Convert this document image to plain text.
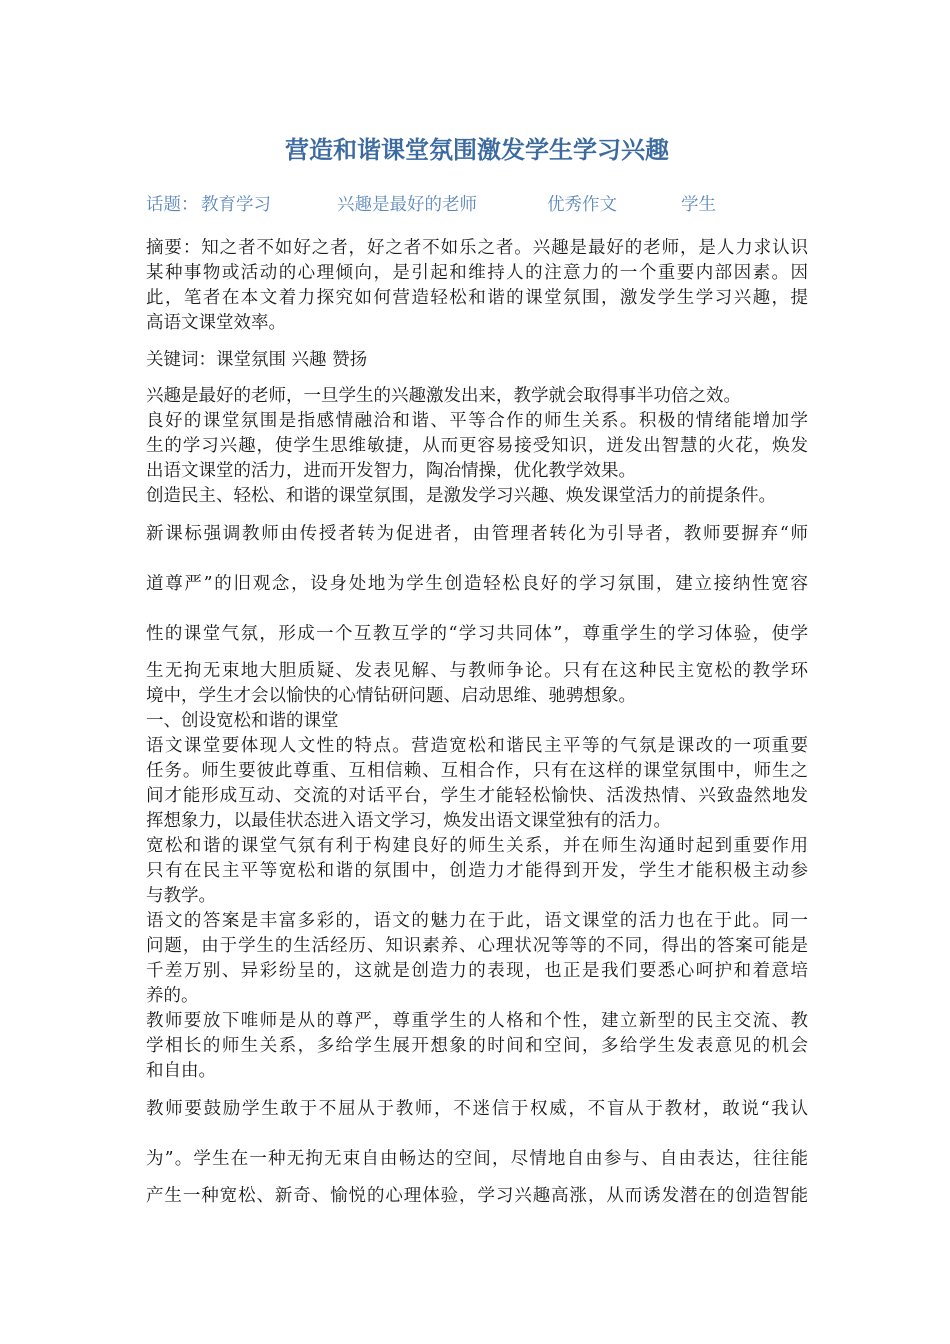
营造和谐课堂氛围激发学生学习兴趣
话题： 教育学习	兴趣是最好的老师	优秀作文	学生
摘要：知之者不如好之者，好之者不如乐之者。兴趣是最好的老师，是人力求认识
某种事物或活动的心理倾向，是引起和维持人的注意力的一个重要内部因素。因
此，笔者在本文着力探究如何营造轻松和谐的课堂氛围，激发学生学习兴趣，提
高语文课堂效率。

关键词：课堂氛围 兴趣 赞扬

兴趣是最好的老师，一旦学生的兴趣激发出来，教学就会取得事半功倍之效。
良好的课堂氛围是指感情融洽和谐、平等合作的师生关系。积极的情绪能增加学
生的学习兴趣，使学生思维敏捷，从而更容易接受知识，迸发出智慧的火花，焕发
出语文课堂的活力，进而开发智力，陶冶情操，优化教学效果。
创造民主、轻松、和谐的课堂氛围，是激发学习兴趣、焕发课堂活力的前提条件。
新课标强调教师由传授者转为促进者，由管理者转化为引导者，教师要摒弃“师
道尊严”的旧观念，设身处地为学生创造轻松良好的学习氛围，建立接纳性宽容
性的课堂气氛，形成一个互教互学的“学习共同体”，尊重学生的学习体验，使学
生无拘无束地大胆质疑、发表见解、与教师争论。只有在这种民主宽松的教学环
境中，学生才会以愉快的心情钻研问题、启动思维、驰骋想象。
一、创设宽松和谐的课堂
语文课堂要体现人文性的特点。营造宽松和谐民主平等的气氛是课改的一项重要
任务。师生要彼此尊重、互相信赖、互相合作，只有在这样的课堂氛围中，师生之
间才能形成互动、交流的对话平台，学生才能轻松愉快、活泼热情、兴致盎然地发
挥想象力，以最佳状态进入语文学习，焕发出语文课堂独有的活力。
宽松和谐的课堂气氛有利于构建良好的师生关系，并在师生沟通时起到重要作用
只有在民主平等宽松和谐的氛围中，创造力才能得到开发，学生才能积极主动参
与教学。
语文的答案是丰富多彩的，语文的魅力在于此，语文课堂的活力也在于此。同一
问题，由于学生的生活经历、知识素养、心理状况等等的不同，得出的答案可能是
千差万别、异彩纷呈的，这就是创造力的表现，也正是我们要悉心呵护和着意培
养的。
教师要放下唯师是从的尊严，尊重学生的人格和个性，建立新型的民主交流、教
学相长的师生关系，多给学生展开想象的时间和空间，多给学生发表意见的机会
和自由。
教师要鼓励学生敢于不屈从于教师，不迷信于权威，不盲从于教材，敢说“我认
为”。学生在一种无拘无束自由畅达的空间，尽情地自由参与、自由表达，往往能
产生一种宽松、新奇、愉悦的心理体验，学习兴趣高涨，从而诱发潜在的创造智能
